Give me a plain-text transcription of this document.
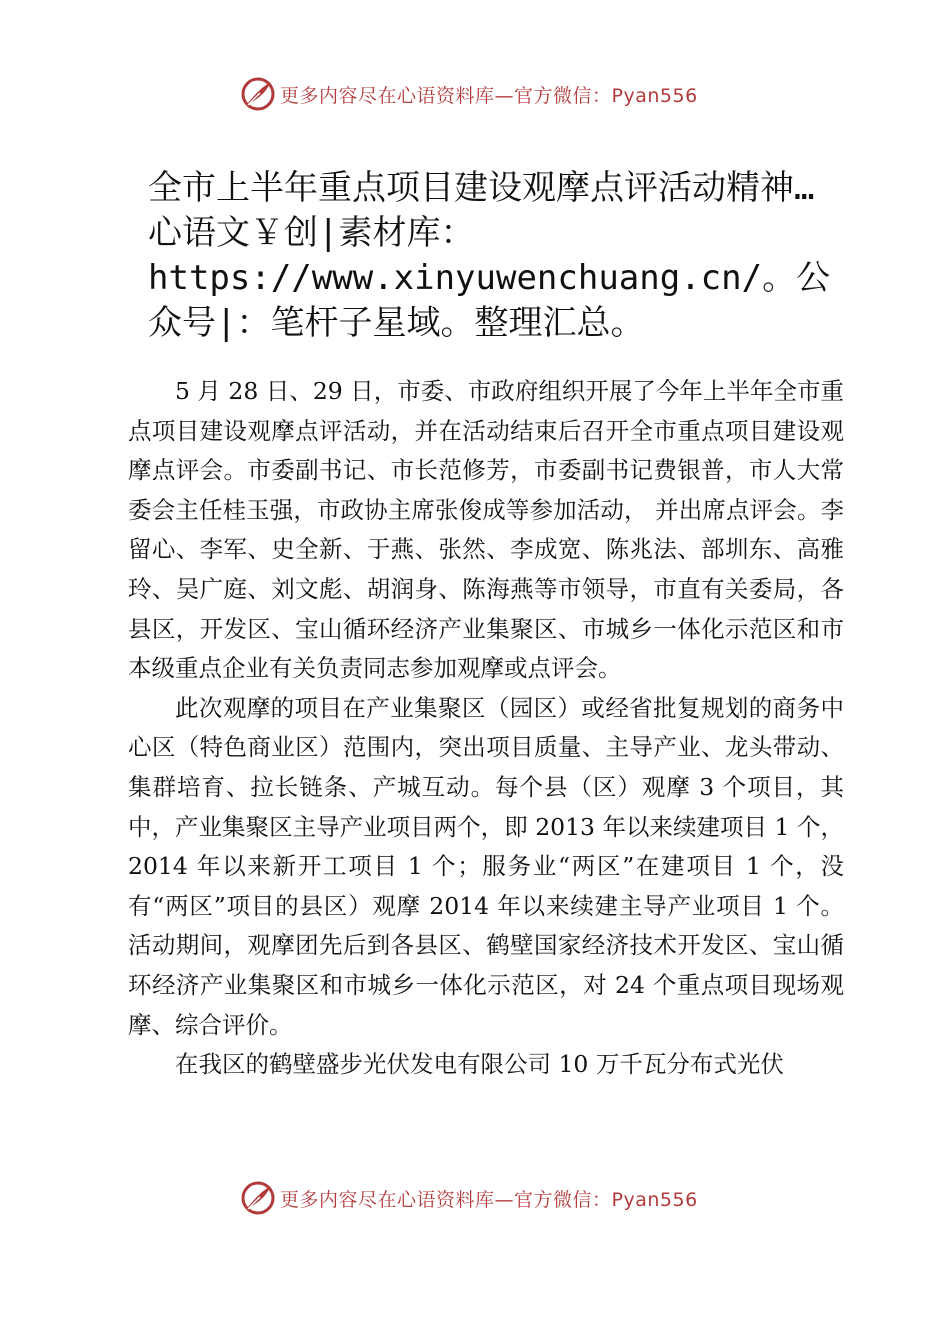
更多内容尽在心语资料库—官方微信：Pyan556
全市上半年重点项目建设观摩点评活动精神…心语文￥创|素材库：https://www.xinyuwenchuang.cn/。公众号|：笔杆子星域。整理汇总。

5 月 28 日、29 日，市委、市政府组织开展了今年上半年全市重点项目建设观摩点评活动，并在活动结束后召开全市重点项目建设观摩点评会。市委副书记、市长范修芳，市委副书记费银普，市人大常委会主任桂玉强，市政协主席张俊成等参加活动， 并出席点评会。李留心、李军、史全新、于燕、张然、李成宽、陈兆法、部圳东、高雅玲、吴广庭、刘文彪、胡润身、陈海燕等市领导，市直有关委局，各县区，开发区、宝山循环经济产业集聚区、市城乡一体化示范区和市本级重点企业有关负责同志参加观摩或点评会。

此次观摩的项目在产业集聚区（园区）或经省批复规划的商务中心区（特色商业区）范围内，突出项目质量、主导产业、龙头带动、集群培育、拉长链条、产城互动。每个县（区）观摩 3 个项目，其中，产业集聚区主导产业项目两个，即 2013 年以来续建项目 1 个，2014 年以来新开工项目 1 个；服务业“两区”在建项目 1 个，没有“两区”项目的县区）观摩 2014 年以来续建主导产业项目 1 个。活动期间，观摩团先后到各县区、鹤壁国家经济技术开发区、宝山循环经济产业集聚区和市城乡一体化示范区，对 24 个重点项目现场观摩、综合评价。

在我区的鹤壁盛步光伏发电有限公司 10 万千瓦分布式光伏

更多内容尽在心语资料库—官方微信：Pyan556
